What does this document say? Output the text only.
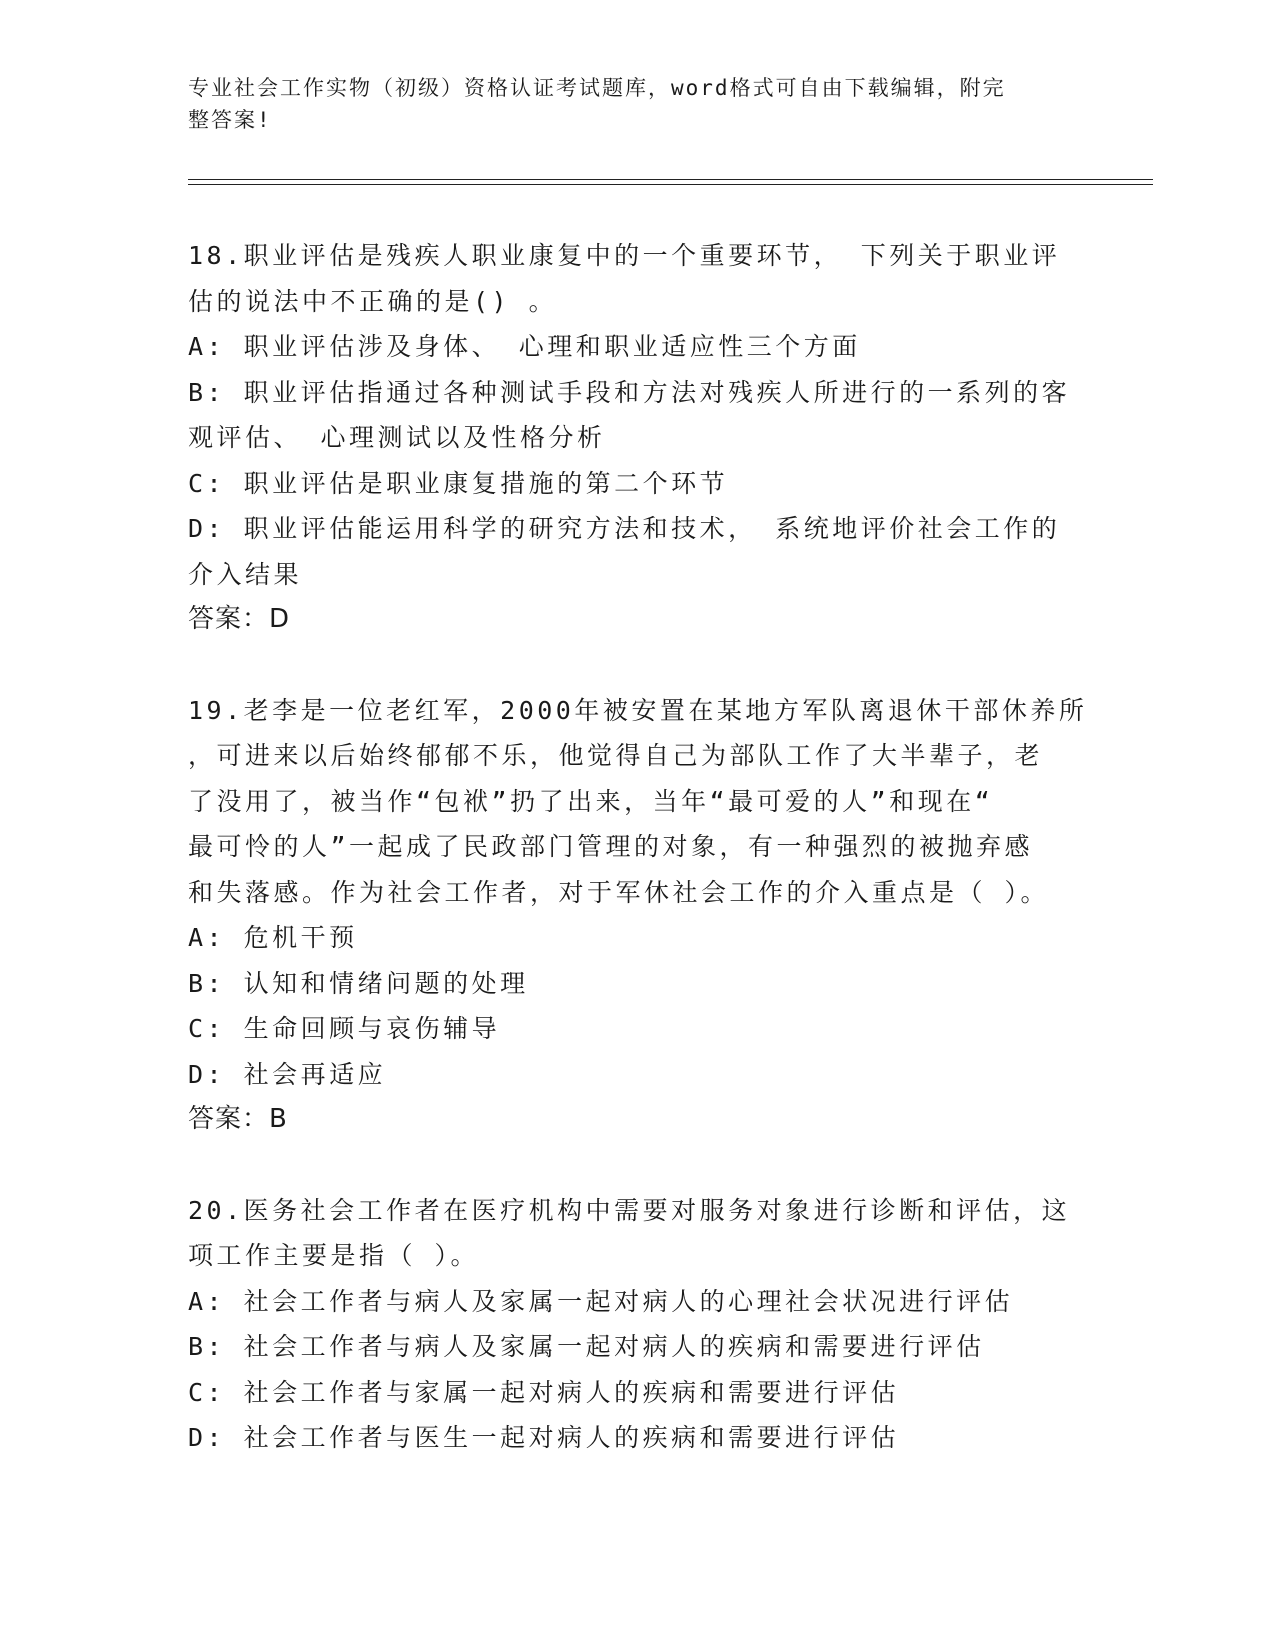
专业社会工作实物（初级）资格认证考试题库，word格式可自由下载编辑，附完
整答案!

18.职业评估是残疾人职业康复中的一个重要环节， 下列关于职业评

估的说法中不正确的是() 。

A: 职业评估涉及身体、 心理和职业适应性三个方面

B: 职业评估指通过各种测试手段和方法对残疾人所进行的一系列的客

观评估、 心理测试以及性格分析

C: 职业评估是职业康复措施的第二个环节

D: 职业评估能运用科学的研究方法和技术， 系统地评价社会工作的

介入结果

答案：D

19.老李是一位老红军，2000年被安置在某地方军队离退休干部休养所

，可进来以后始终郁郁不乐，他觉得自己为部队工作了大半辈子，老

了没用了，被当作“包袱”扔了出来，当年“最可爱的人”和现在“

最可怜的人”一起成了民政部门管理的对象，有一种强烈的被抛弃感

和失落感。作为社会工作者，对于军休社会工作的介入重点是（ ）。

A: 危机干预

B: 认知和情绪问题的处理

C: 生命回顾与哀伤辅导

D: 社会再适应

答案：B

20.医务社会工作者在医疗机构中需要对服务对象进行诊断和评估，这

项工作主要是指（ ）。

A: 社会工作者与病人及家属一起对病人的心理社会状况进行评估

B: 社会工作者与病人及家属一起对病人的疾病和需要进行评估

C: 社会工作者与家属一起对病人的疾病和需要进行评估

D: 社会工作者与医生一起对病人的疾病和需要进行评估
